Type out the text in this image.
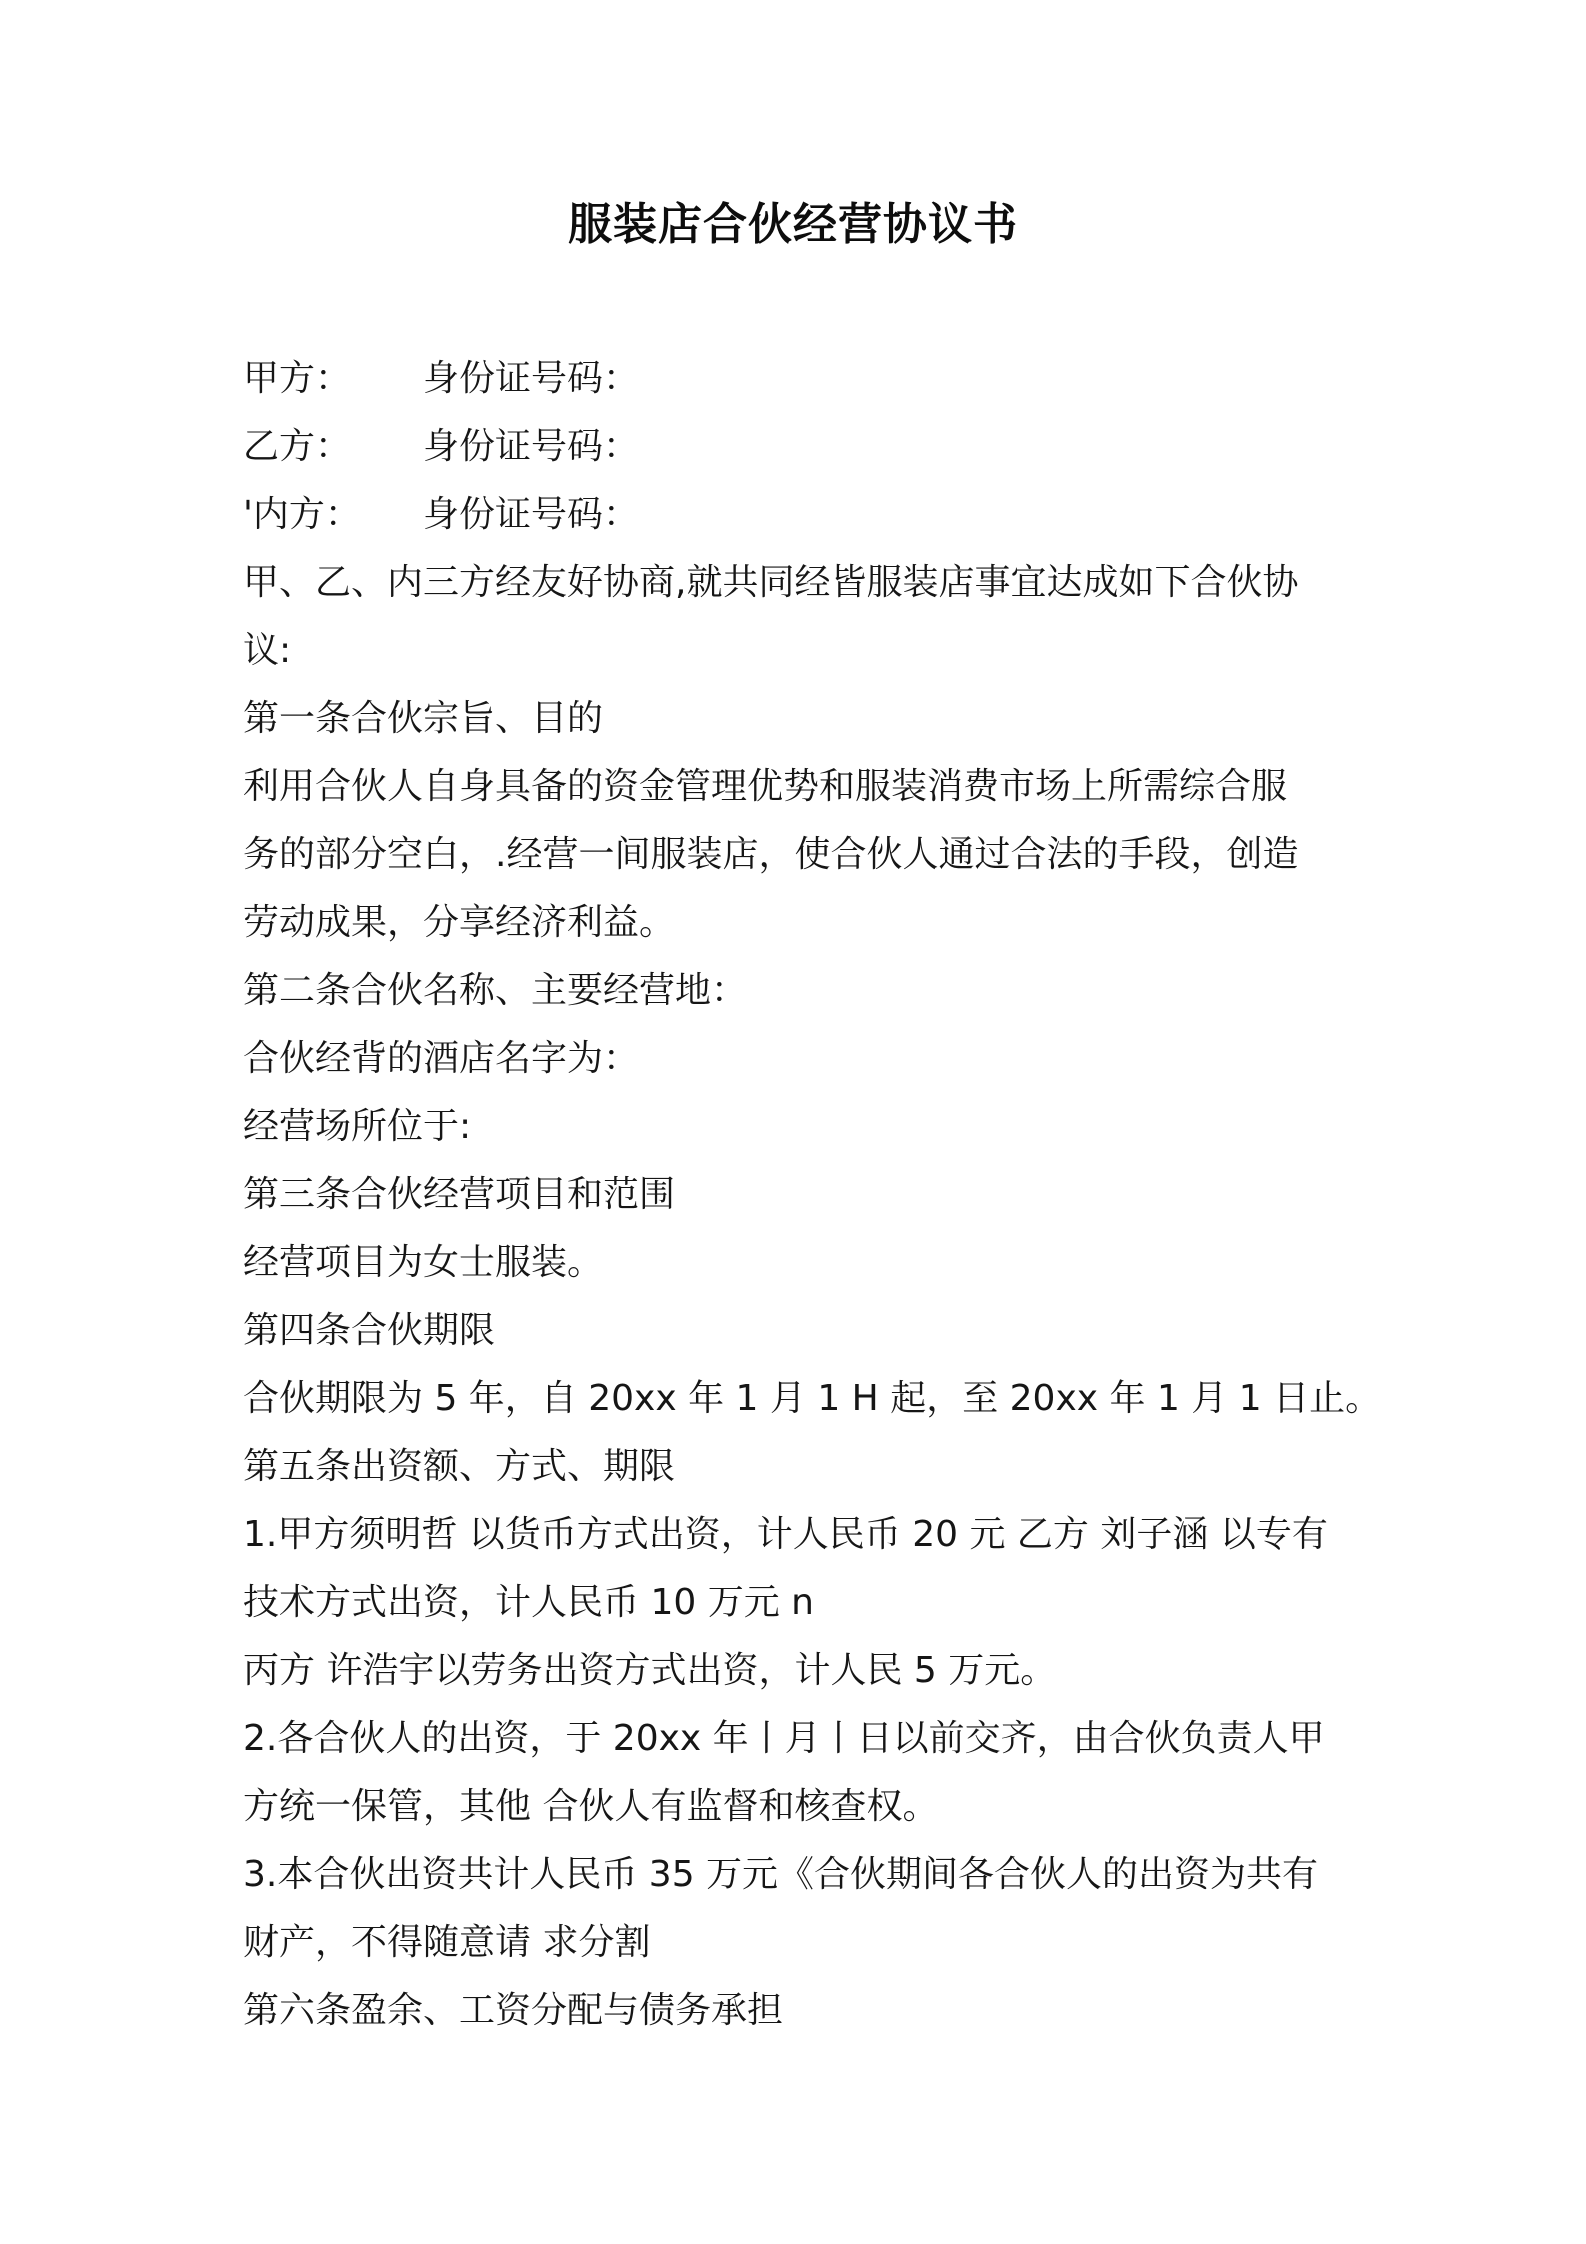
服装店合伙经营协议书
甲方： 身份证号码：
乙方： 身份证号码：
'内方： 身份证号码：
甲、乙、内三方经友好协商,就共同经皆服装店事宜达成如下合伙协
议:
第一条合伙宗旨、目的
利用合伙人自身具备的资金管理优势和服装消费市场上所需综合服
务的部分空白，.经营一间服装店，使合伙人通过合法的手段，创造
劳动成果，分享经济利益。
第二条合伙名称、主要经营地：
合伙经背的酒店名字为：
经营场所位于:
第三条合伙经营项目和范围
经营项目为女士服装。
第四条合伙期限
合伙期限为 5 年，自 20xx 年 1 月 1 H 起，至 20xx 年 1 月 1 日止。
第五条出资额、方式、期限
1.甲方须明哲 以货币方式出资，计人民币 20 元 乙方 刘子涵 以专有
技术方式出资，计人民币 10 万元 n
丙方 许浩宇以劳务出资方式出资，计人民 5 万元。
2.各合伙人的出资，于 20xx 年丨月丨日以前交齐，由合伙负责人甲
方统一保管，其他 合伙人有监督和核查权。
3.本合伙出资共计人民币 35 万元《合伙期间各合伙人的出资为共有
财产，不得随意请 求分割
第六条盈余、工资分配与债务承担
